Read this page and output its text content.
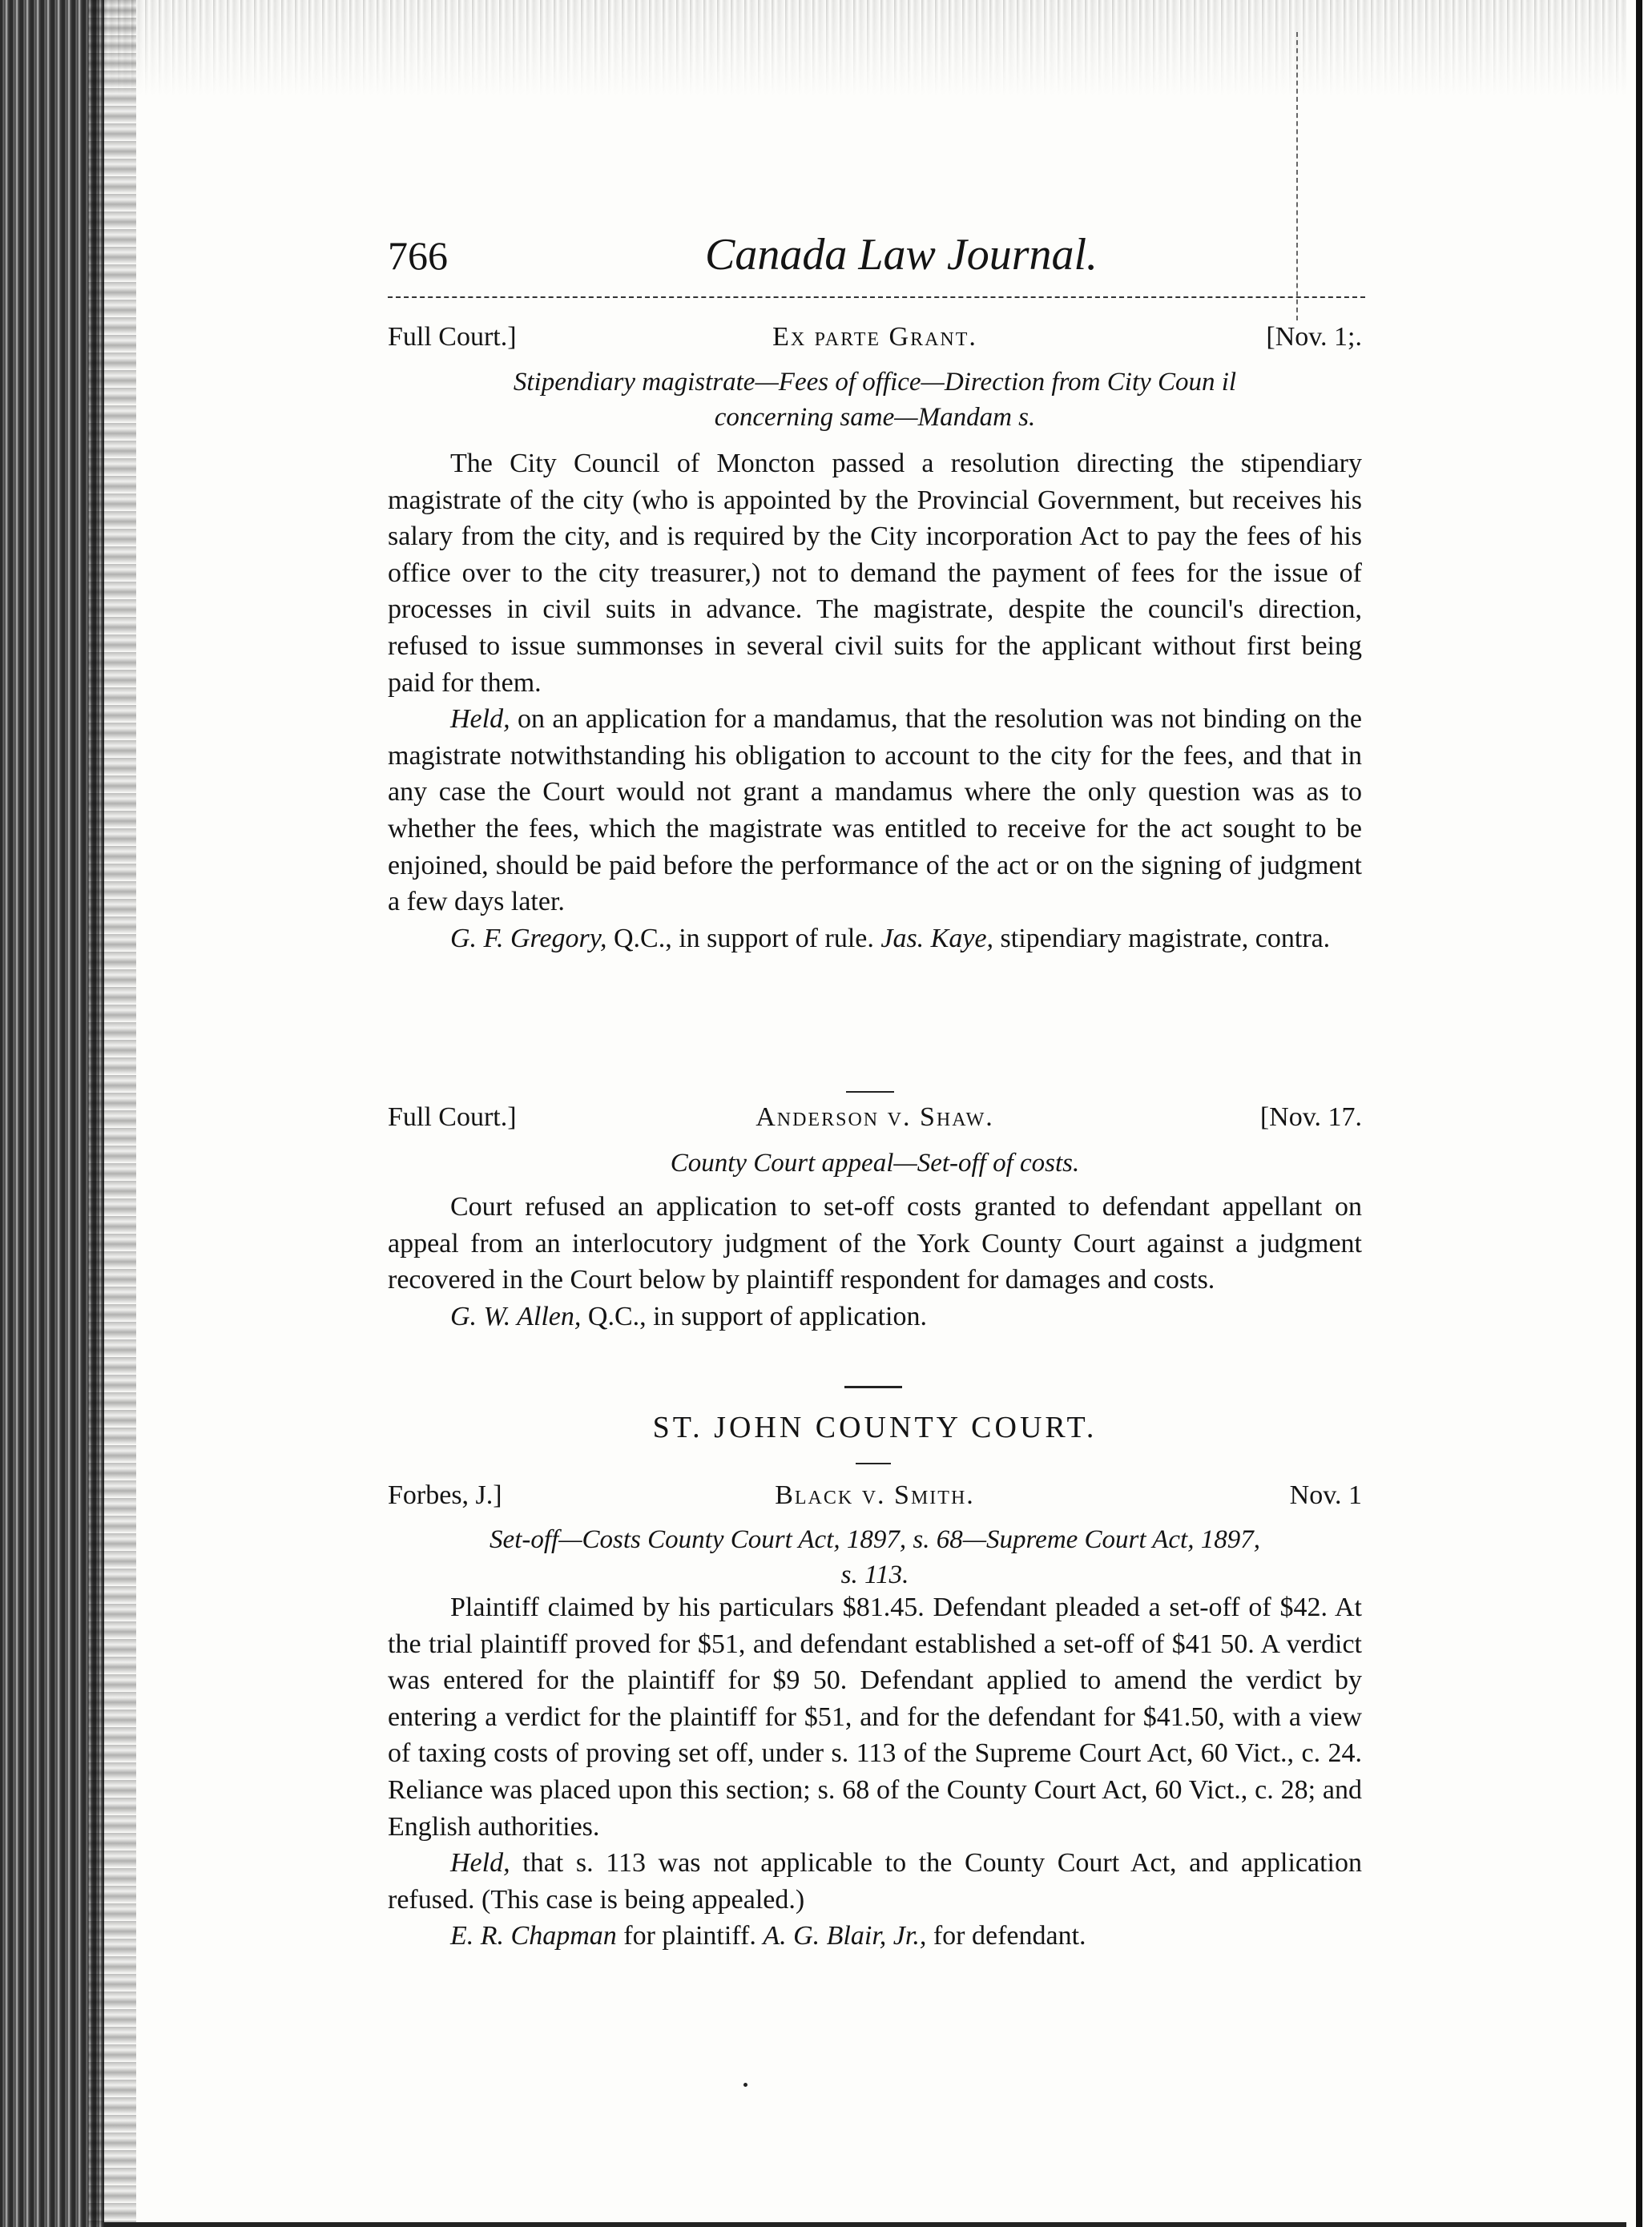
766	Canada Law Journal.
Full Court.]	Ex parte Grant.	[Nov. 1;.
Stipendiary magistrate—Fees of office—Direction from City Coun il
concerning same—Mandam s.

The City Council of Moncton passed a resolution directing the stipendiary magistrate of the city (who is appointed by the Provincial Government, but receives his salary from the city, and is required by the City incorporation Act to pay the fees of his office over to the city treasurer,) not to demand the payment of fees for the issue of processes in civil suits in advance. The magistrate, despite the council's direction, refused to issue summonses in several civil suits for the applicant without first being paid for them.

Held, on an application for a mandamus, that the resolution was not binding on the magistrate notwithstanding his obligation to account to the city for the fees, and that in any case the Court would not grant a mandamus where the only question was as to whether the fees, which the magistrate was entitled to receive for the act sought to be enjoined, should be paid before the performance of the act or on the signing of judgment a few days later.

G. F. Gregory, Q.C., in support of rule. Jas. Kaye, stipendiary magistrate, contra.

Full Court.]	Anderson v. Shaw.	[Nov. 17.
County Court appeal—Set-off of costs.

Court refused an application to set-off costs granted to defendant appellant on appeal from an interlocutory judgment of the York County Court against a judgment recovered in the Court below by plaintiff respondent for damages and costs.

G. W. Allen, Q.C., in support of application.

ST. JOHN COUNTY COURT.
Forbes, J.]	Black v. Smith.	Nov. 1
Set-off—Costs County Court Act, 1897, s. 68—Supreme Court Act, 1897,
s. 113.

Plaintiff claimed by his particulars $81.45. Defendant pleaded a set-off of $42. At the trial plaintiff proved for $51, and defendant established a set-off of $41 50. A verdict was entered for the plaintiff for $9 50. Defendant applied to amend the verdict by entering a verdict for the plaintiff for $51, and for the defendant for $41.50, with a view of taxing costs of proving set off, under s. 113 of the Supreme Court Act, 60 Vict., c. 24. Reliance was placed upon this section; s. 68 of the County Court Act, 60 Vict., c. 28; and English authorities.

Held, that s. 113 was not applicable to the County Court Act, and application refused. (This case is being appealed.)

E. R. Chapman for plaintiff. A. G. Blair, Jr., for defendant.
